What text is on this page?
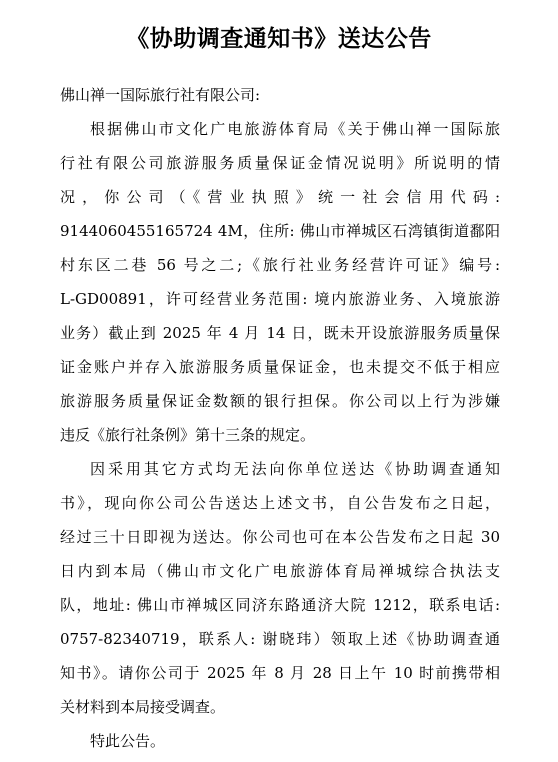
《协助调查通知书》送达公告
佛山禅一国际旅行社有限公司:
根据佛山市文化广电旅游体育局《关于佛山禅一国际旅
行社有限公司旅游服务质量保证金情况说明》所说明的情
况，你公司（《营业执照》统一社会信用代码:
9144060455165724 4M，住所: 佛山市禅城区石湾镇街道鄱阳
村东区二巷 56 号之二;《旅行社业务经营许可证》编号:
L-GD00891，许可经营业务范围: 境内旅游业务、入境旅游
业务）截止到 2025 年 4 月 14 日，既未开设旅游服务质量保
证金账户并存入旅游服务质量保证金，也未提交不低于相应
旅游服务质量保证金数额的银行担保。你公司以上行为涉嫌
违反《旅行社条例》第十三条的规定。
因采用其它方式均无法向你单位送达《协助调查通知
书》，现向你公司公告送达上述文书，自公告发布之日起，
经过三十日即视为送达。你公司也可在本公告发布之日起 30
日内到本局（佛山市文化广电旅游体育局禅城综合执法支
队，地址: 佛山市禅城区同济东路通济大院 1212，联系电话:
0757-82340719，联系人: 谢晓玮）领取上述《协助调查通
知书》。请你公司于 2025 年 8 月 28 日上午 10 时前携带相
关材料到本局接受调查。
特此公告。
